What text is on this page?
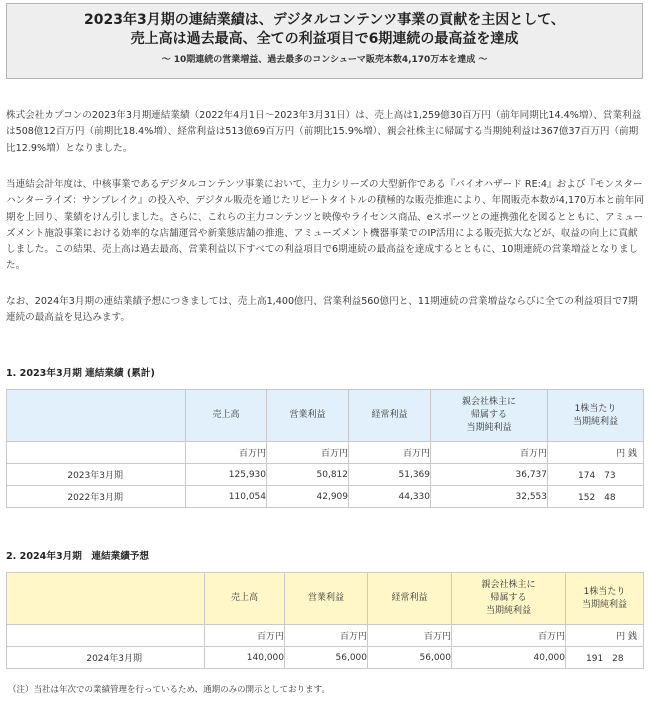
2023年3月期の連結業績は、デジタルコンテンツ事業の貢献を主因として、
売上高は過去最高、全ての利益項目で6期連続の最高益を達成
～ 10期連続の営業増益、過去最多のコンシューマ販売本数4,170万本を達成 ～

株式会社カプコンの2023年3月期連結業績（2022年4月1日～2023年3月31日）は、売上高は1,259億30百万円（前年同期比14.4%増）、営業利益は508億12百万円（前期比18.4%増）、経常利益は513億69百万円（前期比15.9%増）、親会社株主に帰属する当期純利益は367億37百万円（前期比12.9%増）となりました。

当連結会計年度は、中核事業であるデジタルコンテンツ事業において、主力シリーズの大型新作である『バイオハザード RE:4』および『モンスターハンターライズ：サンブレイク』の投入や、デジタル販売を通じたリピートタイトルの積極的な販売推進により、年間販売本数が4,170万本と前年同期を上回り、業績をけん引しました。さらに、これらの主力コンテンツと映像やライセンス商品、eスポーツとの連携強化を図るとともに、アミューズメント施設事業における効率的な店舗運営や新業態店舗の推進、アミューズメント機器事業でのIP活用による販売拡大などが、収益の向上に貢献しました。この結果、売上高は過去最高、営業利益以下すべての利益項目で6期連続の最高益を達成するとともに、10期連続の営業増益となりました。

なお、2024年3月期の連結業績予想につきましては、売上高1,400億円、営業利益560億円と、11期連続の営業増益ならびに全ての利益項目で7期連続の最高益を見込みます。

1. 2023年3月期 連結業績 (累計)
	売上高	営業利益	経常利益	親会社株主に
帰属する
当期純利益	1株当たり
当期純利益
	百万円	百万円	百万円	百万円	円 銭
2023年3月期	125,930	50,812	51,369	36,737	174　73
2022年3月期	110,054	42,909	44,330	32,553	152　48
2. 2024年3月期　連結業績予想
	売上高	営業利益	経常利益	親会社株主に
帰属する
当期純利益	1株当たり
当期純利益
	百万円	百万円	百万円	百万円	円 銭
2024年3月期	140,000	56,000	56,000	40,000	191　28
（注）当社は年次での業績管理を行っているため、通期のみの開示としております。
